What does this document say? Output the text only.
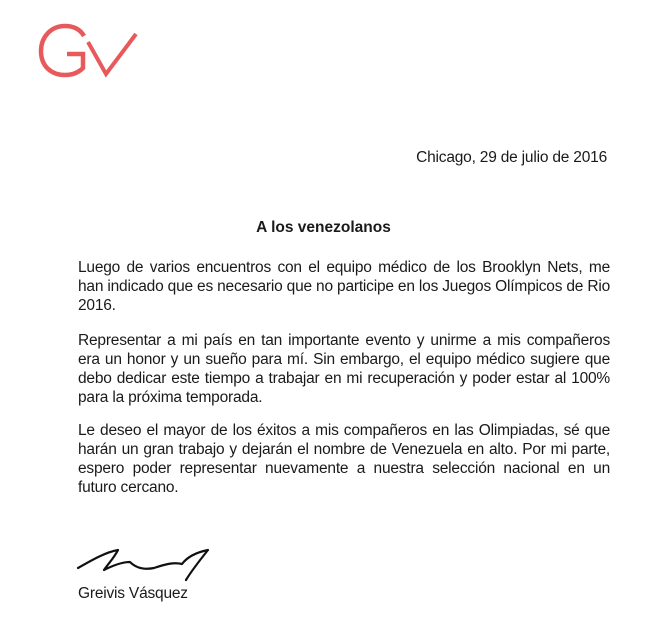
Chicago, 29 de julio de 2016
A los venezolanos
Luego de varios encuentros con el equipo médico de los Brooklyn Nets, me han indicado que es necesario que no participe en los Juegos Olímpicos de Rio 2016.
Representar a mi país en tan importante evento y unirme a mis compañeros era un honor y un sueño para mí. Sin embargo, el equipo médico sugiere que debo dedicar este tiempo a trabajar en mi recuperación y poder estar al 100% para la próxima temporada.
Le deseo el mayor de los éxitos a mis compañeros en las Olimpiadas, sé que harán un gran trabajo y dejarán el nombre de Venezuela en alto. Por mi parte, espero poder representar nuevamente a nuestra selección nacional en un futuro cercano.
Greivis Vásquez
